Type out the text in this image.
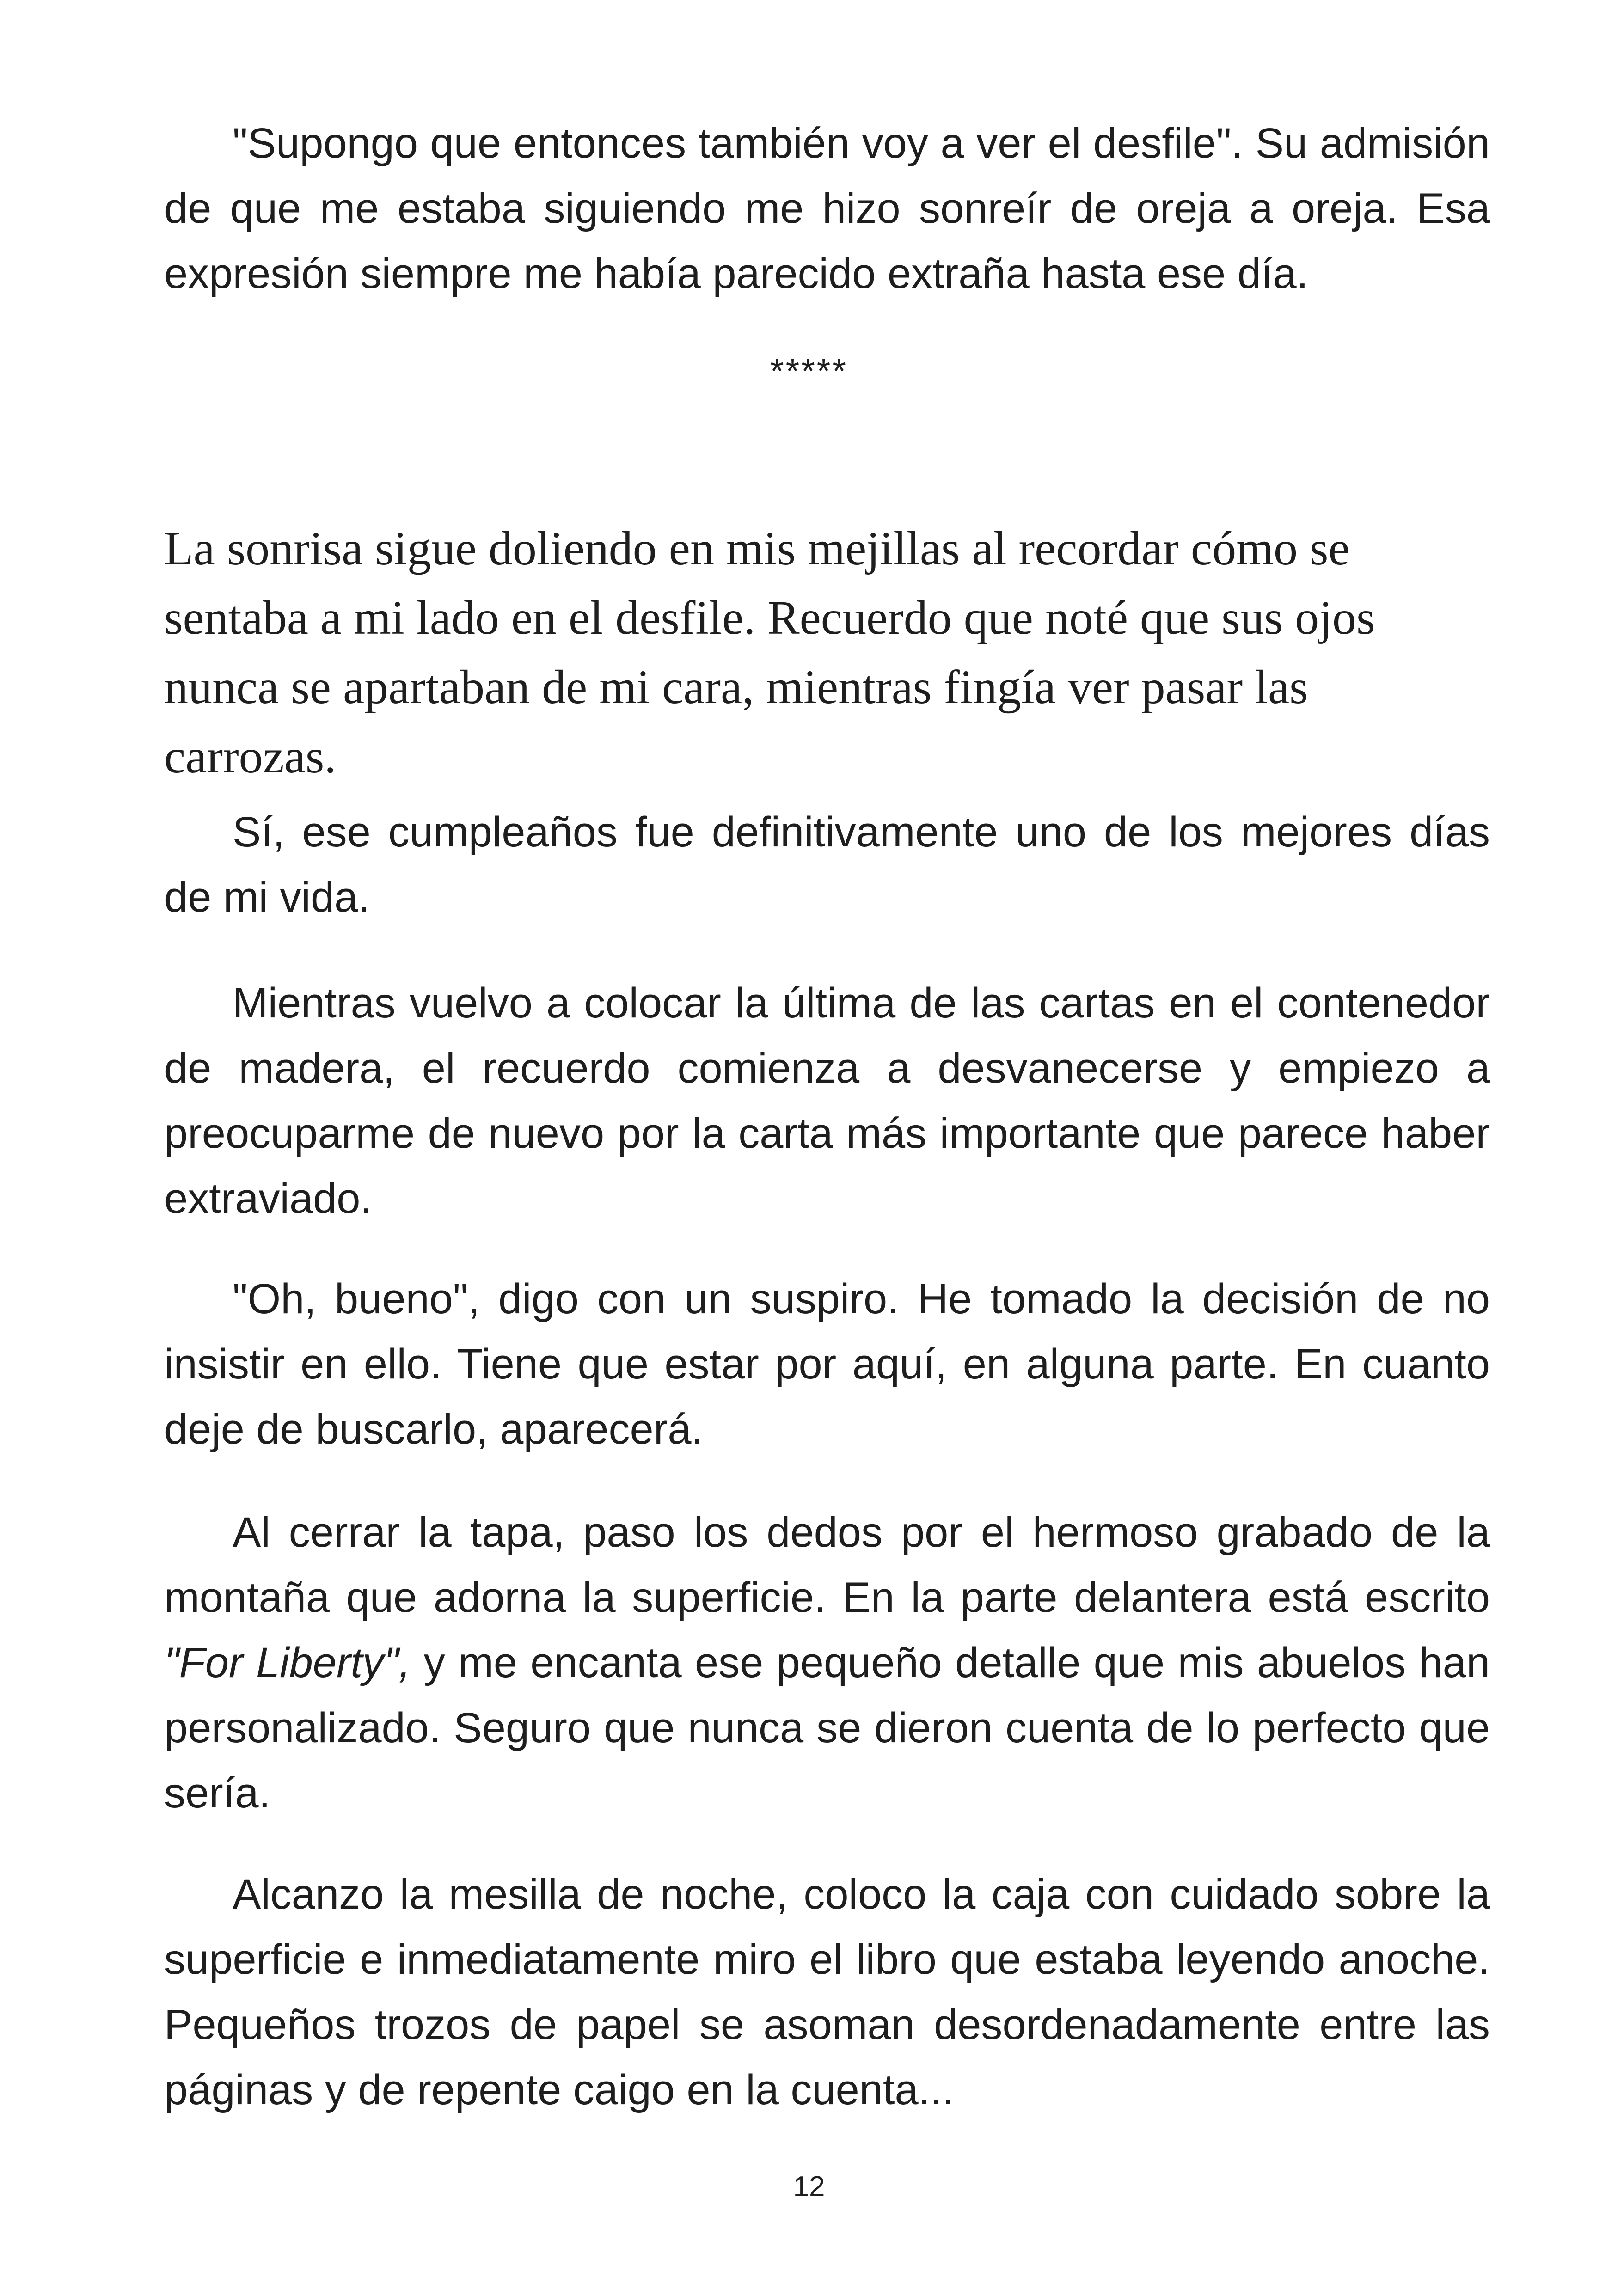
"Supongo que entonces también voy a ver el desfile". Su admisión de que me estaba siguiendo me hizo sonreír de oreja a oreja. Esa expresión siempre me había parecido extraña hasta ese día.

*****

La sonrisa sigue doliendo en mis mejillas al recordar cómo se sentaba a mi lado en el desfile. Recuerdo que noté que sus ojos nunca se apartaban de mi cara, mientras fingía ver pasar las carrozas.

Sí, ese cumpleaños fue definitivamente uno de los mejores días de mi vida.

Mientras vuelvo a colocar la última de las cartas en el contenedor de madera, el recuerdo comienza a desvanecerse y empiezo a preocuparme de nuevo por la carta más importante que parece haber extraviado.

"Oh, bueno", digo con un suspiro. He tomado la decisión de no insistir en ello. Tiene que estar por aquí, en alguna parte. En cuanto deje de buscarlo, aparecerá.

Al cerrar la tapa, paso los dedos por el hermoso grabado de la montaña que adorna la superficie. En la parte delantera está escrito "For Liberty", y me encanta ese pequeño detalle que mis abuelos han personalizado. Seguro que nunca se dieron cuenta de lo perfecto que sería.

Alcanzo la mesilla de noche, coloco la caja con cuidado sobre la superficie e inmediatamente miro el libro que estaba leyendo anoche. Pequeños trozos de papel se asoman desordenadamente entre las páginas y de repente caigo en la cuenta...

12
